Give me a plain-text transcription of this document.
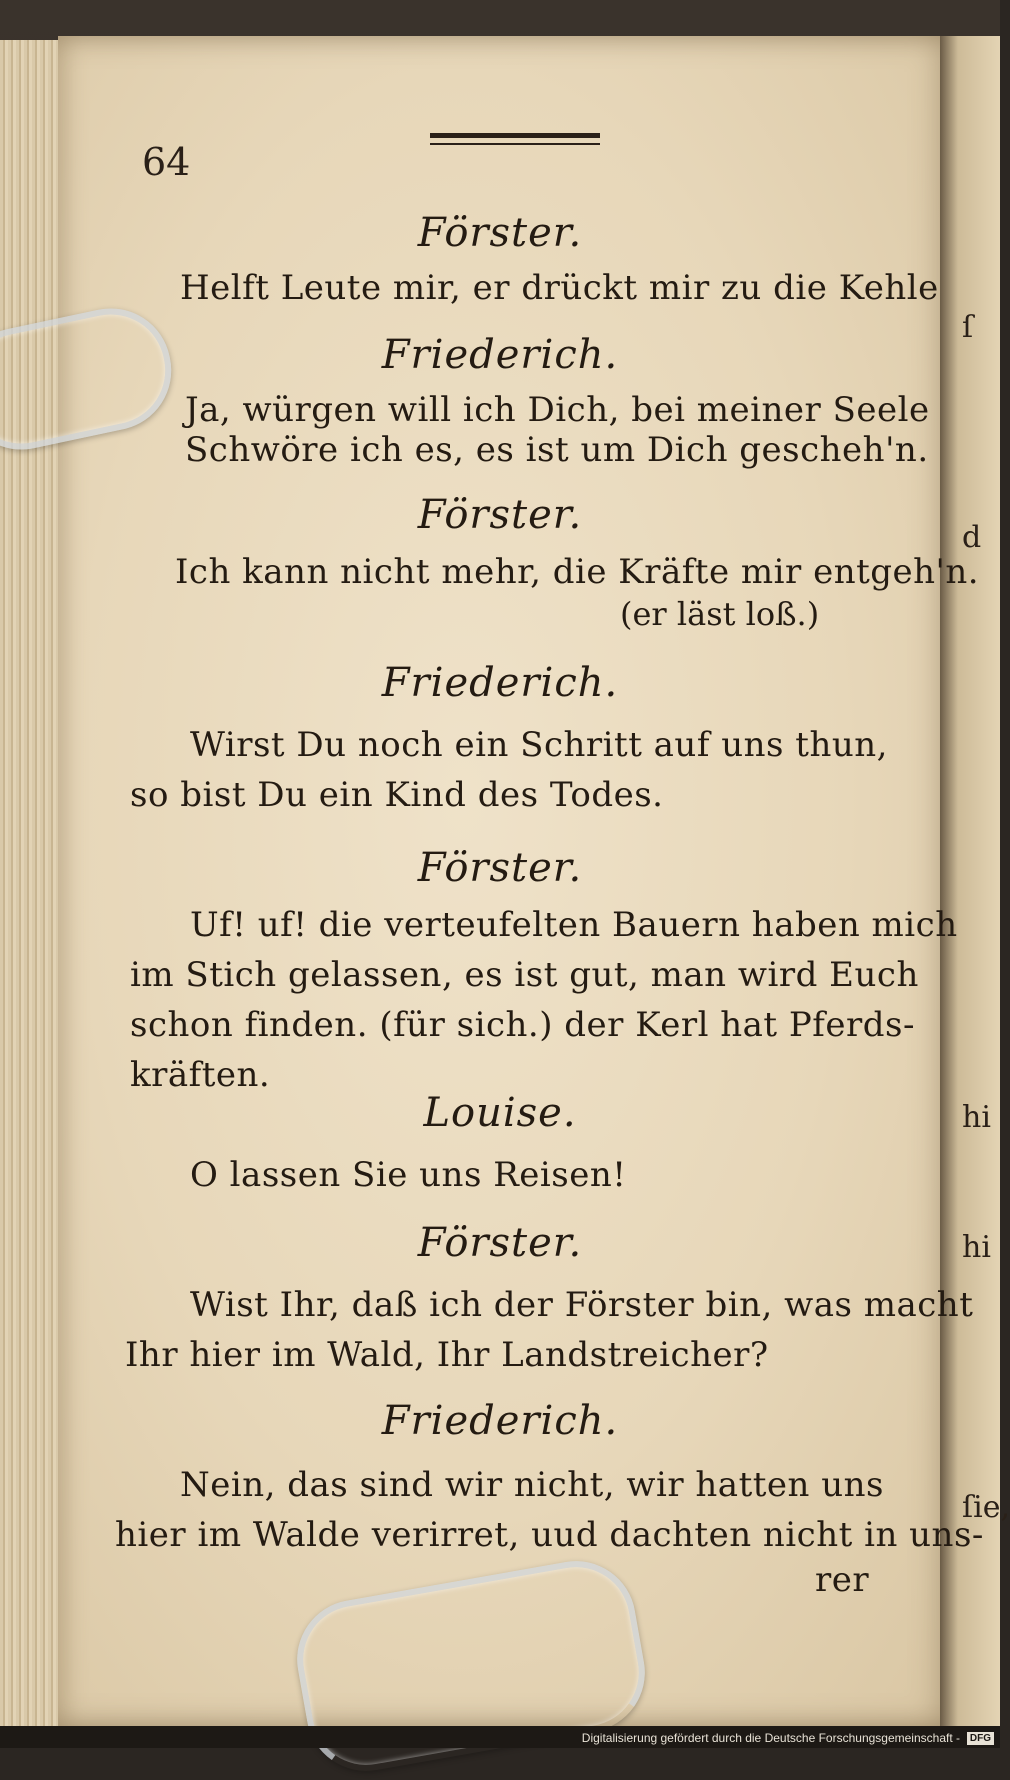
ſ
d
hi
hi
ſie,
64
Förster.
Helft Leute mir, er drückt mir zu die Kehle
Friederich.
Ja, würgen will ich Dich, bei meiner Seele
Schwöre ich es, es ist um Dich gescheh'n.
Förster.
Ich kann nicht mehr, die Kräfte mir entgeh'n.
(er läst loß.)
Friederich.
Wirst Du noch ein Schritt auf uns thun,
so bist Du ein Kind des Todes.
Förster.
Uf! uf! die verteufelten Bauern haben mich
im Stich gelassen, es ist gut, man wird Euch
schon finden. (für sich.) der Kerl hat Pferds-
kräften.
Louise.
O lassen Sie uns Reisen!
Förster.
Wist Ihr, daß ich der Förster bin, was macht
Ihr hier im Wald, Ihr Landstreicher?
Friederich.
Nein, das sind wir nicht, wir hatten uns
hier im Walde verirret, uud dachten nicht in uns-
rer
Digitalisierung gefördert durch die Deutsche Forschungsgemeinschaft - DFG
